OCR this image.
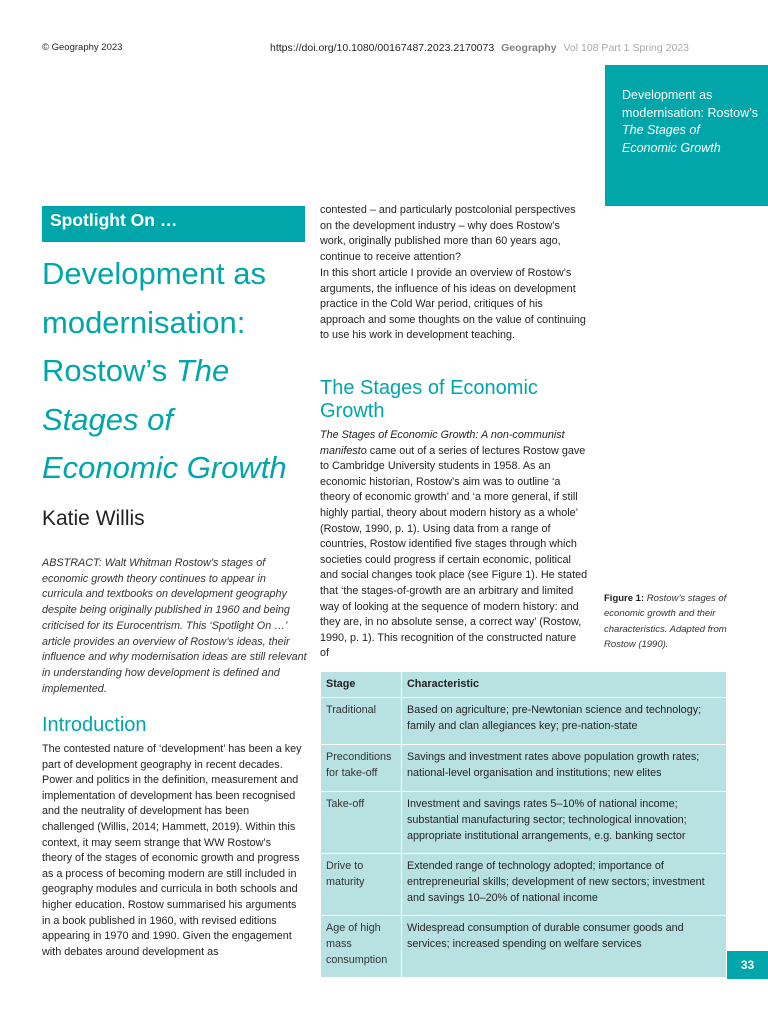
© Geography 2023	https://doi.org/10.1080/00167487.2023.2170073 Geography Vol 108 Part 1 Spring 2023
Development as modernisation: Rostow’s The Stages of Economic Growth
Spotlight On …
Development as modernisation: Rostow’s The Stages of Economic Growth
Katie Willis
ABSTRACT: Walt Whitman Rostow’s stages of economic growth theory continues to appear in curricula and textbooks on development geography despite being originally published in 1960 and being criticised for its Eurocentrism. This ‘Spotlight On …’ article provides an overview of Rostow’s ideas, their influence and why modernisation ideas are still relevant in understanding how development is defined and implemented.
Introduction
The contested nature of ‘development’ has been a key part of development geography in recent decades. Power and politics in the definition, measurement and implementation of development has been recognised and the neutrality of development has been challenged (Willis, 2014; Hammett, 2019). Within this context, it may seem strange that WW Rostow’s theory of the stages of economic growth and progress as a process of becoming modern are still included in geography modules and curricula in both schools and higher education. Rostow summarised his arguments in a book published in 1960, with revised editions appearing in 1970 and 1990. Given the engagement with debates around development as
contested – and particularly postcolonial perspectives on the development industry – why does Rostow’s work, originally published more than 60 years ago, continue to receive attention?
In this short article I provide an overview of Rostow’s arguments, the influence of his ideas on development practice in the Cold War period, critiques of his approach and some thoughts on the value of continuing to use his work in development teaching.
The Stages of Economic Growth
The Stages of Economic Growth: A non-communist manifesto came out of a series of lectures Rostow gave to Cambridge University students in 1958. As an economic historian, Rostow’s aim was to outline ‘a theory of economic growth’ and ‘a more general, if still highly partial, theory about modern history as a whole’ (Rostow, 1990, p. 1). Using data from a range of countries, Rostow identified five stages through which societies could progress if certain economic, political and social changes took place (see Figure 1). He stated that ‘the stages-of-growth are an arbitrary and limited way of looking at the sequence of modern history: and they are, in no absolute sense, a correct way’ (Rostow, 1990, p. 1). This recognition of the constructed nature of
Figure 1: Rostow’s stages of economic growth and their characteristics. Adapted from Rostow (1990).
Stage	Characteristic
Traditional	Based on agriculture; pre-Newtonian science and technology; family and clan allegiances key; pre-nation-state
Preconditions for take-off	Savings and investment rates above population growth rates; national-level organisation and institutions; new elites
Take-off	Investment and savings rates 5–10% of national income; substantial manufacturing sector; technological innovation; appropriate institutional arrangements, e.g. banking sector
Drive to maturity	Extended range of technology adopted; importance of entrepreneurial skills; development of new sectors; investment and savings 10–20% of national income
Age of high mass consumption	Widespread consumption of durable consumer goods and services; increased spending on welfare services
33
